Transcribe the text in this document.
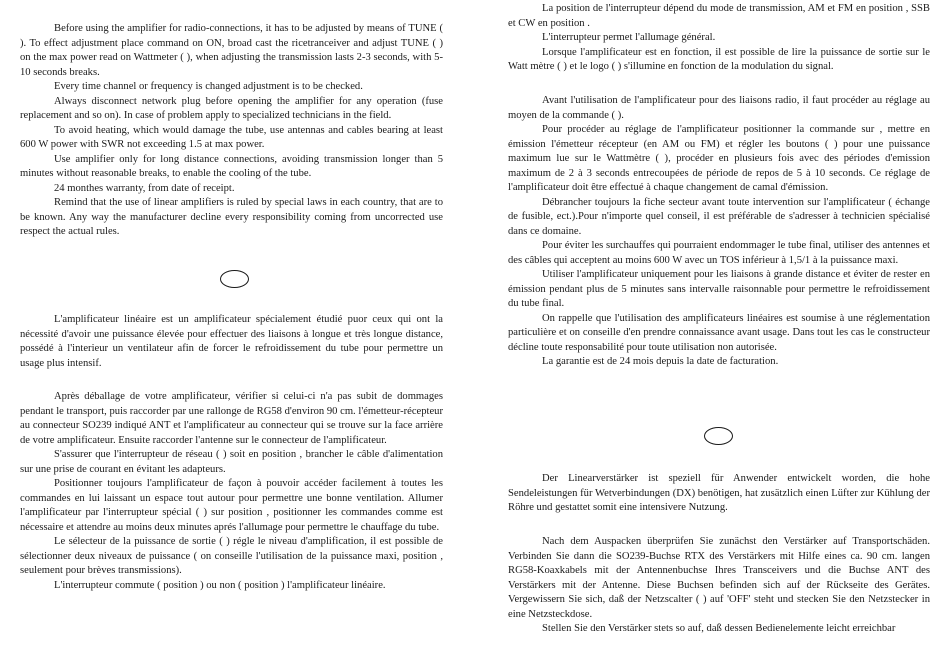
Before using the amplifier for radio-connections, it has to be adjusted by means of TUNE ( ). To effect adjustment place command on ON, broad cast the ricetranceiver and adjust TUNE ( ) on the max power read on Wattmeter ( ), when adjusting the transmission lasts 2-3 seconds, with 5-10 seconds breaks.

Every time channel or frequency is changed adjustment is to be checked.

Always disconnect network plug before opening the amplifier for any operation (fuse replacement and so on). In case of problem apply to specialized technicians in the field.

To avoid heating, which would damage the tube, use antennas and cables bearing at least 600 W power with SWR not exceeding 1.5 at max power.

Use amplifier only for long distance connections, avoiding transmission longer than 5 minutes without reasonable breaks, to enable the cooling of the tube.

24 monthes warranty, from date of receipt.

Remind that the use of linear amplifiers is ruled by special laws in each country, that are to be known. Any way the manufacturer decline every responsibility coming from uncorrected use respect the actual rules.

L'amplificateur linéaire est un amplificateur spécialement étudié puor ceux qui ont la nécessité d'avoir une puissance élevée pour effectuer des liaisons à longue et très longue distance, possédé à l'interieur un ventilateur afin de forcer le refroidissement du tube pour permettre un usage plus intensif.

Après déballage de votre amplificateur, vérifier si celui-ci n'a pas subit de dommages pendant le transport, puis raccorder par une rallonge de RG58 d'environ 90 cm. l'émetteur-récepteur au connecteur SO239 indiqué ANT et l'amplificateur au connecteur qui se trouve sur la face arrière de votre amplificateur. Ensuite raccorder l'antenne sur le connecteur de l'amplificateur.

S'assurer que l'interrupteur de réseau ( ) soit en position , brancher le câble d'alimentation sur une prise de courant en évitant les adapteurs.

Positionner toujours l'amplificateur de façon à pouvoir accéder facilement à toutes les commandes en lui laissant un espace tout autour pour permettre une bonne ventilation. Allumer l'amplificateur par l'interrupteur spécial ( ) sur position , positionner les commandes comme est nécessaire et attendre au moins deux minutes aprés l'allumage pour permettre le chauffage du tube.

Le sélecteur de la puissance de sortie ( ) régle le niveau d'amplification, il est possible de sélectionner deux niveaux de puissance ( on conseille l'utilisation de la puissance maxi, position , seulement pour brèves transmissions).

L'interrupteur commute ( position ) ou non ( position ) l'amplificateur linéaire.

La position de l'interrupteur dépend du mode de transmission, AM et FM en position , SSB et CW en position .

L'interrupteur permet l'allumage général.

Lorsque l'amplificateur est en fonction, il est possible de lire la puissance de sortie sur le Watt mètre ( ) et le logo ( ) s'illumine en fonction de la modulation du signal.

Avant l'utilisation de l'amplificateur pour des liaisons radio, il faut procéder au réglage au moyen de la commande ( ).

Pour procéder au réglage de l'amplificateur positionner la commande sur , mettre en émission l'émetteur récepteur (en AM ou FM) et régler les boutons ( ) pour une puissance maximum lue sur le Wattmètre ( ), procéder en plusieurs fois avec des périodes d'emission maximum de 2 à 3 seconds entrecoupées de période de repos de 5 à 10 seconds. Ce réglage de l'amplificateur doit être effectué à chaque changement de camal d'émission.

Débrancher toujours la fiche secteur avant toute intervention sur l'amplificateur ( échange de fusible, ect.).Pour n'importe quel conseil, il est préférable de s'adresser à technicien spécialisé dans ce domaine.

Pour éviter les surchauffes qui pourraient endommager le tube final, utiliser des antennes et des câbles qui acceptent au moins 600 W avec un TOS inférieur à 1,5/1 à la puissance maxi.

Utiliser l'amplificateur uniquement pour les liaisons à grande distance et éviter de rester en émission pendant plus de 5 minutes sans intervalle raisonnable pour permettre le refroidissement du tube final.

On rappelle que l'utilisation des amplificateurs linéaires est soumise à une réglementation particulière et on conseille d'en prendre connaissance avant usage. Dans tout les cas le constructeur décline toute responsabilité pour toute utilisation non autorisée.

La garantie est de 24 mois depuis la date de facturation.

Der Linearverstärker ist speziell für Anwender entwickelt worden, die hohe Sendeleistungen für Wetverbindungen (DX) benötigen, hat zusätzlich einen Lüfter zur Kühlung der Röhre und gestattet somit eine intensivere Nutzung.

Nach dem Auspacken überprüfen Sie zunächst den Verstärker auf Transportschäden. Verbinden Sie dann die SO239-Buchse RTX des Verstärkers mit Hilfe eines ca. 90 cm. langen RG58-Koaxkabels mit der Antennenbuchse Ihres Transceivers und die Buchse ANT des Verstärkers mit der Antenne. Diese Buchsen befinden sich auf der Rückseite des Gerätes. Vergewissern Sie sich, daß der Netzscalter ( ) auf 'OFF' steht und stecken Sie den Netzstecker in eine Netzsteckdose.

Stellen Sie den Verstärker stets so auf, daß dessen Bedienelemente leicht erreichbar
